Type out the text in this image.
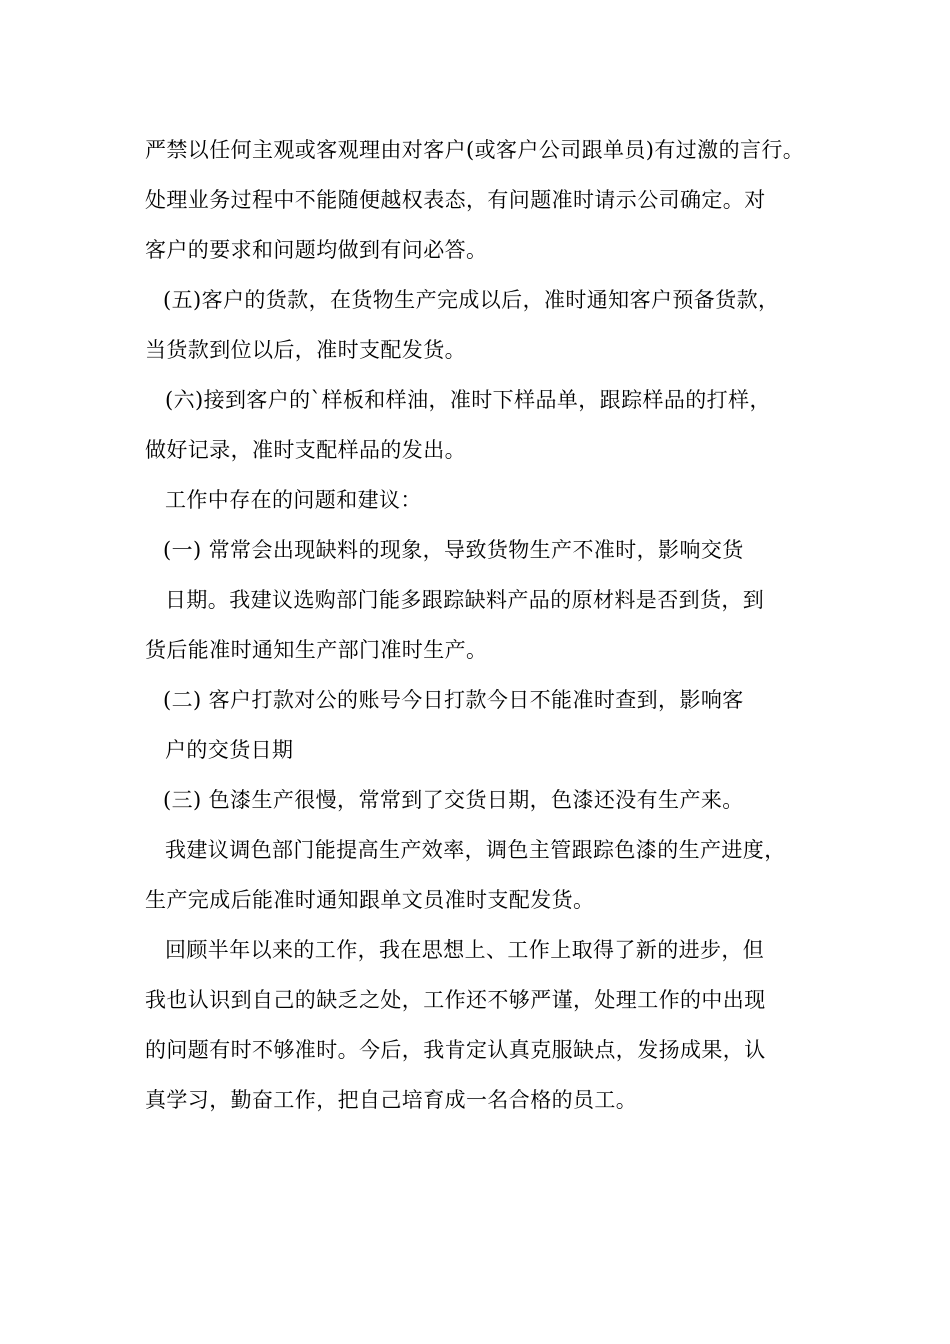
严禁以任何主观或客观理由对客户(或客户公司跟单员)有过激的言行。
处理业务过程中不能随便越权表态，有问题准时请示公司确定。对
客户的要求和问题均做到有问必答。
(五)客户的货款，在货物生产完成以后，准时通知客户预备货款，
当货款到位以后，准时支配发货。
(六)接到客户的`样板和样油，准时下样品单，跟踪样品的打样，
做好记录，准时支配样品的发出。
工作中存在的问题和建议：
(一) 常常会出现缺料的现象，导致货物生产不准时，影响交货
日期。我建议选购部门能多跟踪缺料产品的原材料是否到货，到
货后能准时通知生产部门准时生产。
(二) 客户打款对公的账号今日打款今日不能准时查到，影响客
户的交货日期
(三) 色漆生产很慢，常常到了交货日期，色漆还没有生产来。
我建议调色部门能提高生产效率，调色主管跟踪色漆的生产进度，
生产完成后能准时通知跟单文员准时支配发货。
回顾半年以来的工作，我在思想上、工作上取得了新的进步，但
我也认识到自己的缺乏之处，工作还不够严谨，处理工作的中出现
的问题有时不够准时。今后，我肯定认真克服缺点，发扬成果，认
真学习，勤奋工作，把自己培育成一名合格的员工。
